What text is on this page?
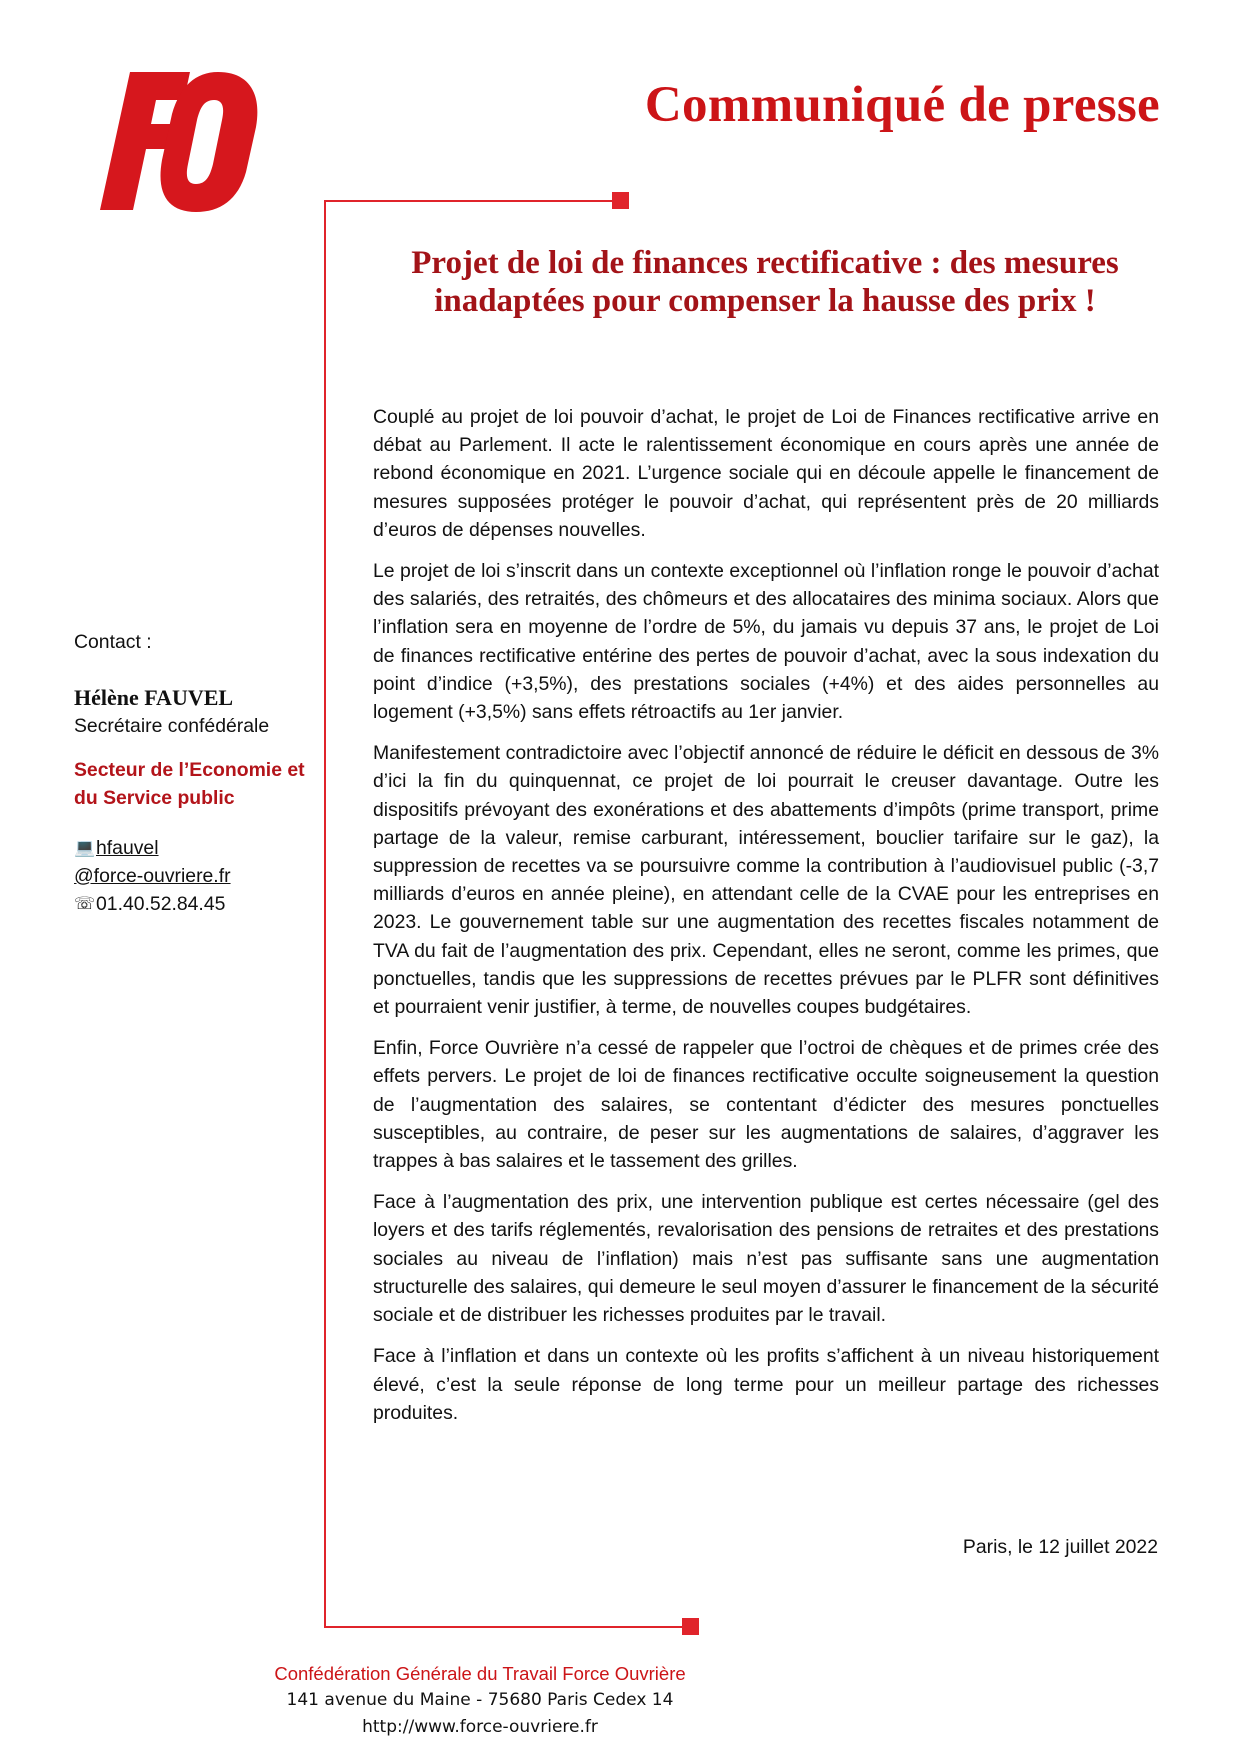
Communiqué de presse
Projet de loi de finances rectificative : des mesures inadaptées pour compenser la hausse des prix !

Couplé au projet de loi pouvoir d’achat, le projet de Loi de Finances rectificative arrive en débat au Parlement. Il acte le ralentissement économique en cours après une année de rebond économique en 2021. L’urgence sociale qui en découle appelle le financement de mesures supposées protéger le pouvoir d’achat, qui représentent près de 20 milliards d’euros de dépenses nouvelles.

Le projet de loi s’inscrit dans un contexte exceptionnel où l’inflation ronge le pouvoir d’achat des salariés, des retraités, des chômeurs et des allocataires des minima sociaux. Alors que l’inflation sera en moyenne de l’ordre de 5%, du jamais vu depuis 37 ans, le projet de Loi de finances rectificative entérine des pertes de pouvoir d’achat, avec la sous indexation du point d’indice (+3,5%), des prestations sociales (+4%) et des aides personnelles au logement (+3,5%) sans effets rétroactifs au 1er janvier.

Manifestement contradictoire avec l’objectif annoncé de réduire le déficit en dessous de 3% d’ici la fin du quinquennat, ce projet de loi pourrait le creuser davantage. Outre les dispositifs prévoyant des exonérations et des abattements d’impôts (prime transport, prime partage de la valeur, remise carburant, intéressement, bouclier tarifaire sur le gaz), la suppression de recettes va se poursuivre comme la contribution à l’audiovisuel public (-3,7 milliards d’euros en année pleine), en attendant celle de la CVAE pour les entreprises en 2023. Le gouvernement table sur une augmentation des recettes fiscales notamment de TVA du fait de l’augmentation des prix. Cependant, elles ne seront, comme les primes, que ponctuelles, tandis que les suppressions de recettes prévues par le PLFR sont définitives et pourraient venir justifier, à terme, de nouvelles coupes budgétaires.

Enfin, Force Ouvrière n’a cessé de rappeler que l’octroi de chèques et de primes crée des effets pervers. Le projet de loi de finances rectificative occulte soigneusement la question de l’augmentation des salaires, se contentant d’édicter des mesures ponctuelles susceptibles, au contraire, de peser sur les augmentations de salaires, d’aggraver les trappes à bas salaires et le tassement des grilles.

Face à l’augmentation des prix, une intervention publique est certes nécessaire (gel des loyers et des tarifs réglementés, revalorisation des pensions de retraites et des prestations sociales au niveau de l’inflation) mais n’est pas suffisante sans une augmentation structurelle des salaires, qui demeure le seul moyen d’assurer le financement de la sécurité sociale et de distribuer les richesses produites par le travail.

Face à l’inflation et dans un contexte où les profits s’affichent à un niveau historiquement élevé, c’est la seule réponse de long terme pour un meilleur partage des richesses produites.

Paris, le 12 juillet 2022

Contact :

Hélène FAUVEL

Secrétaire confédérale

Secteur de l’Economie et
du Service public

💻 hfauvel

@force-ouvriere.fr

☏ 01.40.52.84.45

Confédération Générale du Travail Force Ouvrière

141 avenue du Maine - 75680 Paris Cedex 14

http://www.force-ouvriere.fr
